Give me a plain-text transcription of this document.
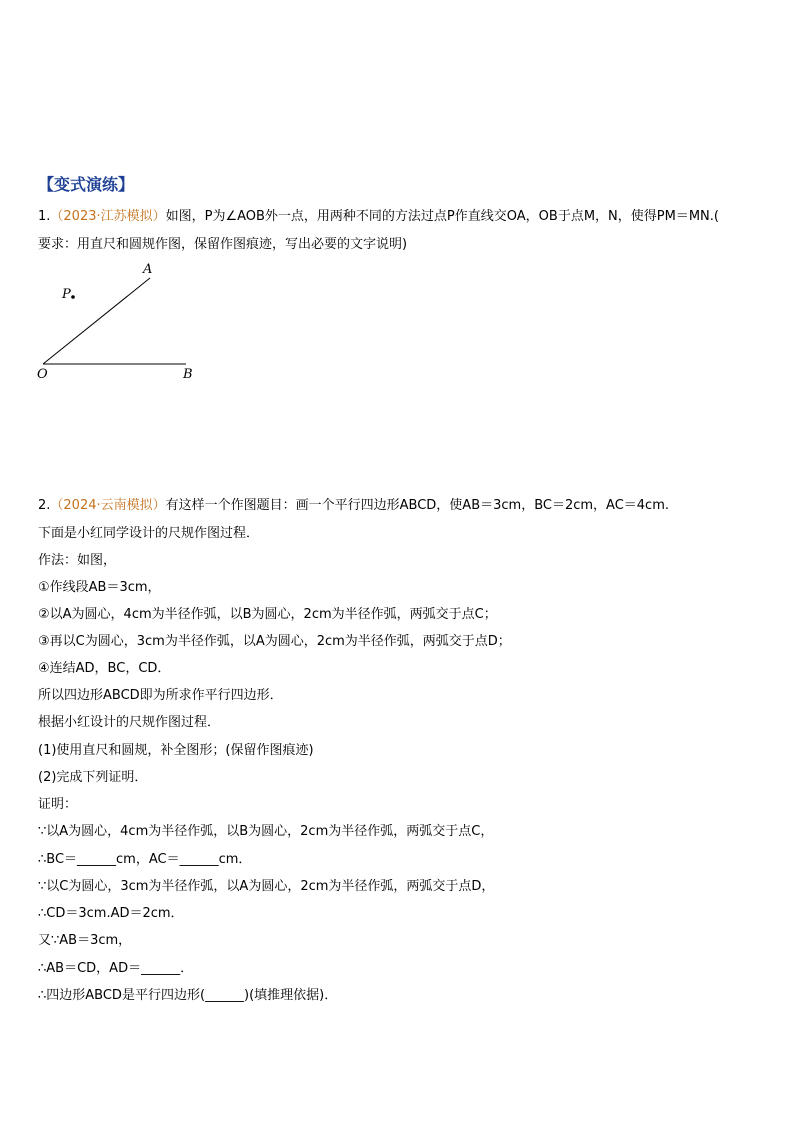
【变式演练】
1.（2023·江苏模拟）如图，P为∠AOB外一点，用两种不同的方法过点P作直线交OA，OB于点M，N，使得PM＝MN.(
要求：用直尺和圆规作图，保留作图痕迹，写出必要的文字说明)
A
P
O	B
2.（2024·云南模拟）有这样一个作图题目：画一个平行四边形ABCD，使AB＝3cm，BC＝2cm，AC＝4cm.
下面是小红同学设计的尺规作图过程．
作法：如图，
①作线段AB＝3cm，
②以A为圆心，4cm为半径作弧，以B为圆心，2cm为半径作弧，两弧交于点C；
③再以C为圆心，3cm为半径作弧，以A为圆心，2cm为半径作弧，两弧交于点D；
④连结AD，BC，CD．
所以四边形ABCD即为所求作平行四边形．
根据小红设计的尺规作图过程．
(1)使用直尺和圆规，补全图形；(保留作图痕迹)
(2)完成下列证明．
证明：
∵以A为圆心，4cm为半径作弧，以B为圆心，2cm为半径作弧，两弧交于点C，
∴BC＝______cm，AC＝______cm．
∵以C为圆心，3cm为半径作弧，以A为圆心，2cm为半径作弧，两弧交于点D，
∴CD＝3cm.AD＝2cm．
又∵AB＝3cm，
∴AB＝CD，AD＝______．
∴四边形ABCD是平行四边形(______)(填推理依据)．
